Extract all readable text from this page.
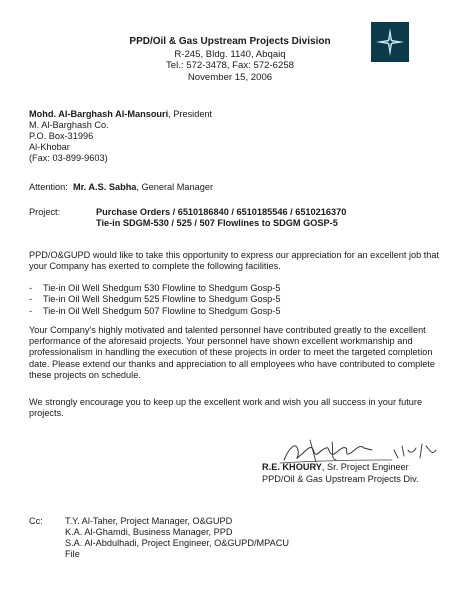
PPD/Oil & Gas Upstream Projects Division
R-245, Bldg. 1140, Abqaiq
Tel.: 572-3478, Fax: 572-6258
November 15, 2006
Mohd. Al-Barghash Al-Mansouri, President
M. Al-Barghash Co.
P.O. Box-31996
Al-Khobar
(Fax: 03-899-9603)
Attention: Mr. A.S. Sabha, General Manager
Project:	Purchase Orders / 6510186840 / 6510185546 / 6510216370
Tie-in SDGM-530 / 525 / 507 Flowlines to SDGM GOSP-5
PPD/O&GUPD would like to take this opportunity to express our appreciation for an excellent job that your Company has exerted to complete the following facilities.
- Tie-in Oil Well Shedgum 530 Flowline to Shedgum Gosp-5
- Tie-in Oil Well Shedgum 525 Flowline to Shedgum Gosp-5
- Tie-in Oil Well Shedgum 507 Flowline to Shedgum Gosp-5
Your Company's highly motivated and talented personnel have contributed greatly to the excellent performance of the aforesaid projects. Your personnel have shown excellent workmanship and professionalism in handling the execution of these projects in order to meet the targeted completion date. Please extend our thanks and appreciation to all employees who have contributed to complete these projects on schedule.
We strongly encourage you to keep up the excellent work and wish you all success in your future projects.
R.E. KHOURY, Sr. Project Engineer
PPD/Oil & Gas Upstream Projects Div.
Cc: T.Y. Al-Taher, Project Manager, O&GUPD
K.A. Al-Ghamdi, Business Manager, PPD
S.A. Al-Abdulhadi, Project Engineer, O&GUPD/MPACU
File
